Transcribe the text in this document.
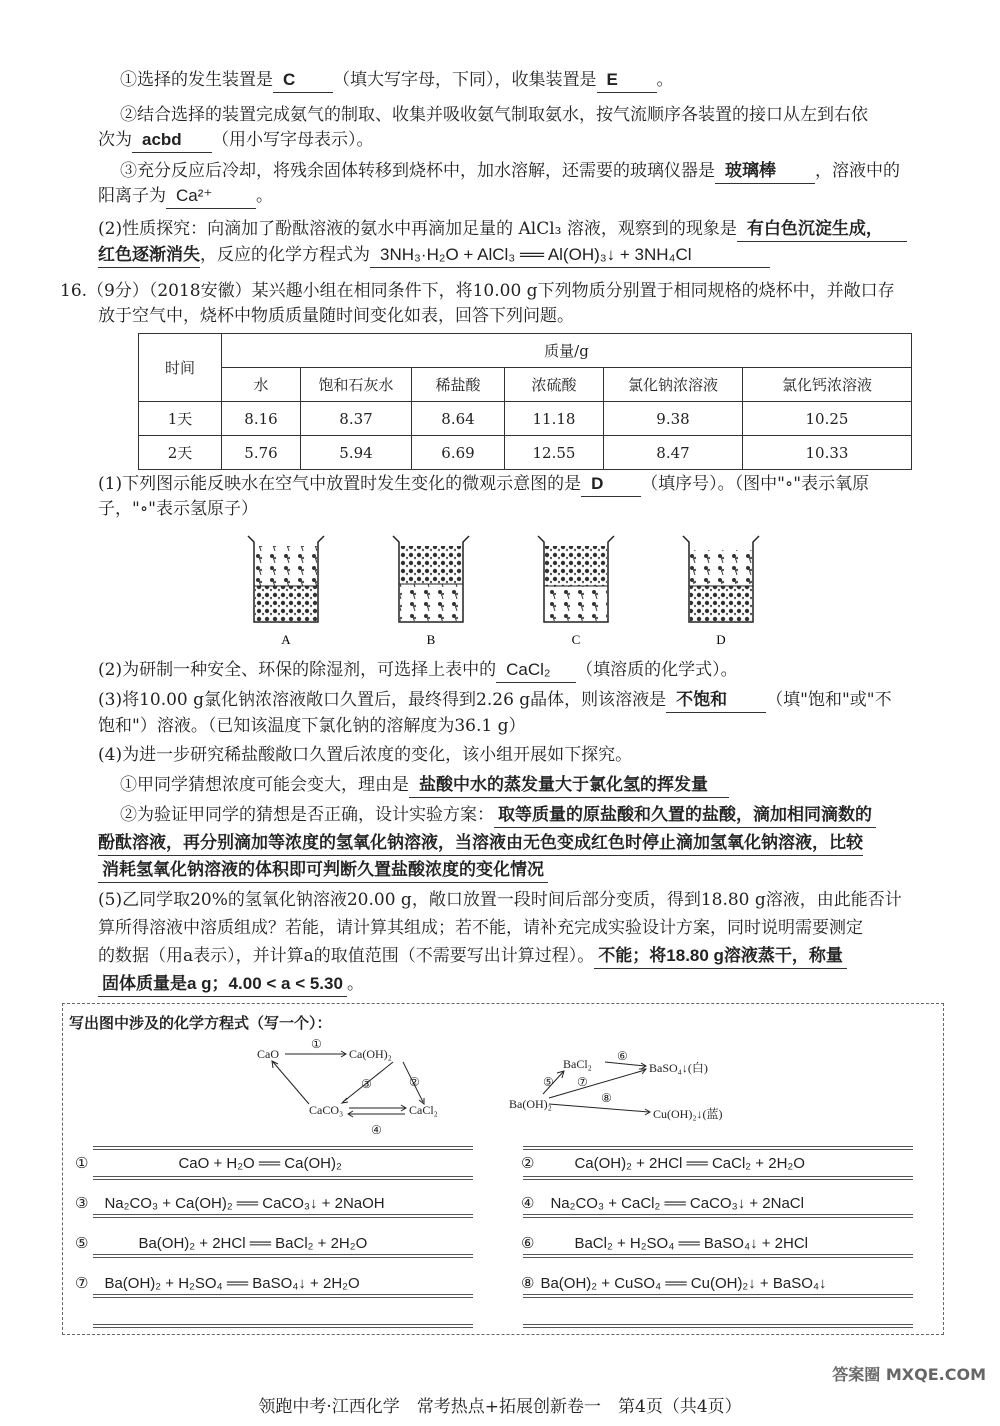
①选择的发生装置是 C （填大写字母，下同），收集装置是 E 。
②结合选择的装置完成氨气的制取、收集并吸收氨气制取氨水，按气流顺序各装置的接口从左到右依
次为 acbd （用小写字母表示）。
③充分反应后冷却，将残余固体转移到烧杯中，加水溶解，还需要的玻璃仪器是 玻璃棒 ，溶液中的
阳离子为 Ca²⁺	。
(2)性质探究：向滴加了酚酞溶液的氨水中再滴加足量的 AlCl₃ 溶液，观察到的现象是 有白色沉淀生成，
红色逐渐消失，反应的化学方程式为 3NH₃·H₂O + AlCl₃ ══ Al(OH)₃↓ + 3NH₄Cl
16.（9分）（2018安徽）某兴趣小组在相同条件下，将10.00 g下列物质分别置于相同规格的烧杯中，并敞口存
放于空气中，烧杯中物质质量随时间变化如表，回答下列问题。
时间	质量/g					
	水	饱和石灰水	稀盐酸	浓硫酸	氯化钠浓溶液	氯化钙浓溶液
1天	8.16	8.37	8.64	11.18	9.38	10.25
2天	5.76	5.94	6.69	12.55	8.47	10.33
(1)下列图示能反映水在空气中放置时发生变化的微观示意图的是 D （填序号）。（图中"∘"表示氧原
子，"∘"表示氢原子）
A	B	C	D
(2)为研制一种安全、环保的除湿剂，可选择上表中的 CaCl₂ （填溶质的化学式）。
(3)将10.00 g氯化钠浓溶液敞口久置后，最终得到2.26 g晶体，则该溶液是 不饱和 （填"饱和"或"不
饱和"）溶液。（已知该温度下氯化钠的溶解度为36.1 g）
(4)为进一步研究稀盐酸敞口久置后浓度的变化，该小组开展如下探究。
①甲同学猜想浓度可能会变大，理由是 盐酸中水的蒸发量大于氯化氢的挥发量
②为验证甲同学的猜想是否正确，设计实验方案： 取等质量的原盐酸和久置的盐酸，滴加相同滴数的
酚酞溶液，再分别滴加等浓度的氢氧化钠溶液，当溶液由无色变成红色时停止滴加氢氧化钠溶液，比较
消耗氢氧化钠溶液的体积即可判断久置盐酸浓度的变化情况
(5)乙同学取20%的氢氧化钠溶液20.00 g，敞口放置一段时间后部分变质，得到18.80 g溶液，由此能否计
算所得溶液中溶质组成？若能，请计算其组成；若不能，请补充完成实验设计方案，同时说明需要测定
的数据（用a表示），并计算a的取值范围（不需要写出计算过程）。 不能；将18.80 g溶液蒸干，称量
固体质量是a g；4.00 < a < 5.30 。
写出图中涉及的化学方程式（写一个）：
CaO	Ca(OH)₂
CaCO₃	CaCl₂
①
②
③
④
BaCl₂	BaSO₄↓(白)
Ba(OH)₂
Cu(OH)₂↓(蓝)
⑤
⑥
⑦
⑧
①	CaO + H₂O ══ Ca(OH)₂	②	Ca(OH)₂ + 2HCl ══ CaCl₂ + 2H₂O
③ Na₂CO₃ + Ca(OH)₂ ══ CaCO₃↓ + 2NaOH	④ Na₂CO₃ + CaCl₂ ══ CaCO₃↓ + 2NaCl
⑤	Ba(OH)₂ + 2HCl ══ BaCl₂ + 2H₂O	⑥	BaCl₂ + H₂SO₄ ══ BaSO₄↓ + 2HCl
⑦ Ba(OH)₂ + H₂SO₄ ══ BaSO₄↓ + 2H₂O	⑧ Ba(OH)₂ + CuSO₄ ══ Cu(OH)₂↓ + BaSO₄↓
领跑中考·江西化学　常考热点+拓展创新卷一　第4页（共4页）
答案圈 MXQE.COM
